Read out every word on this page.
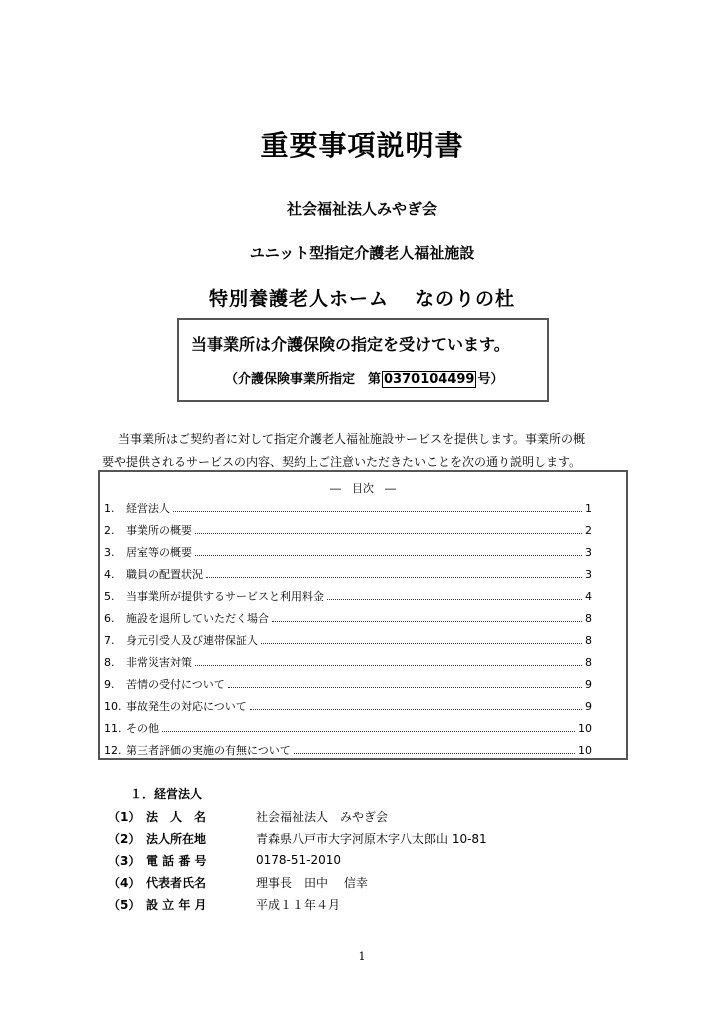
重要事項説明書
社会福祉法人みやぎ会
ユニット型指定介護老人福祉施設
特別養護老人ホーム なのりの杜
当事業所は介護保険の指定を受けています。
（介護保険事業所指定　第 0370104499 号）
当事業所はご契約者に対して指定介護老人福祉施設サービスを提供します。事業所の概
要や提供されるサービスの内容、契約上ご注意いただきたいことを次の通り説明します。
―　目次　―
1.	経営法人	1
2.	事業所の概要	2
3.	居室等の概要	3
4.	職員の配置状況	3
5.	当事業所が提供するサービスと利用料金	4
6.	施設を退所していただく場合	8
7.	身元引受人及び連帯保証人	8
8.	非常災害対策	8
9.	苦情の受付について	9
10. 事故発生の対応について	9
11. その他	10
12. 第三者評価の実施の有無について	10
１．経営法人
（1） 法　人　名	社会福祉法人　みやぎ会
（2） 法人所在地	青森県八戸市大字河原木字八太郎山 10-81
（3） 電 話 番 号	0178-51-2010
（4） 代表者氏名	理事長　田中　 信幸
（5） 設 立 年 月	平成１１年４月
1
